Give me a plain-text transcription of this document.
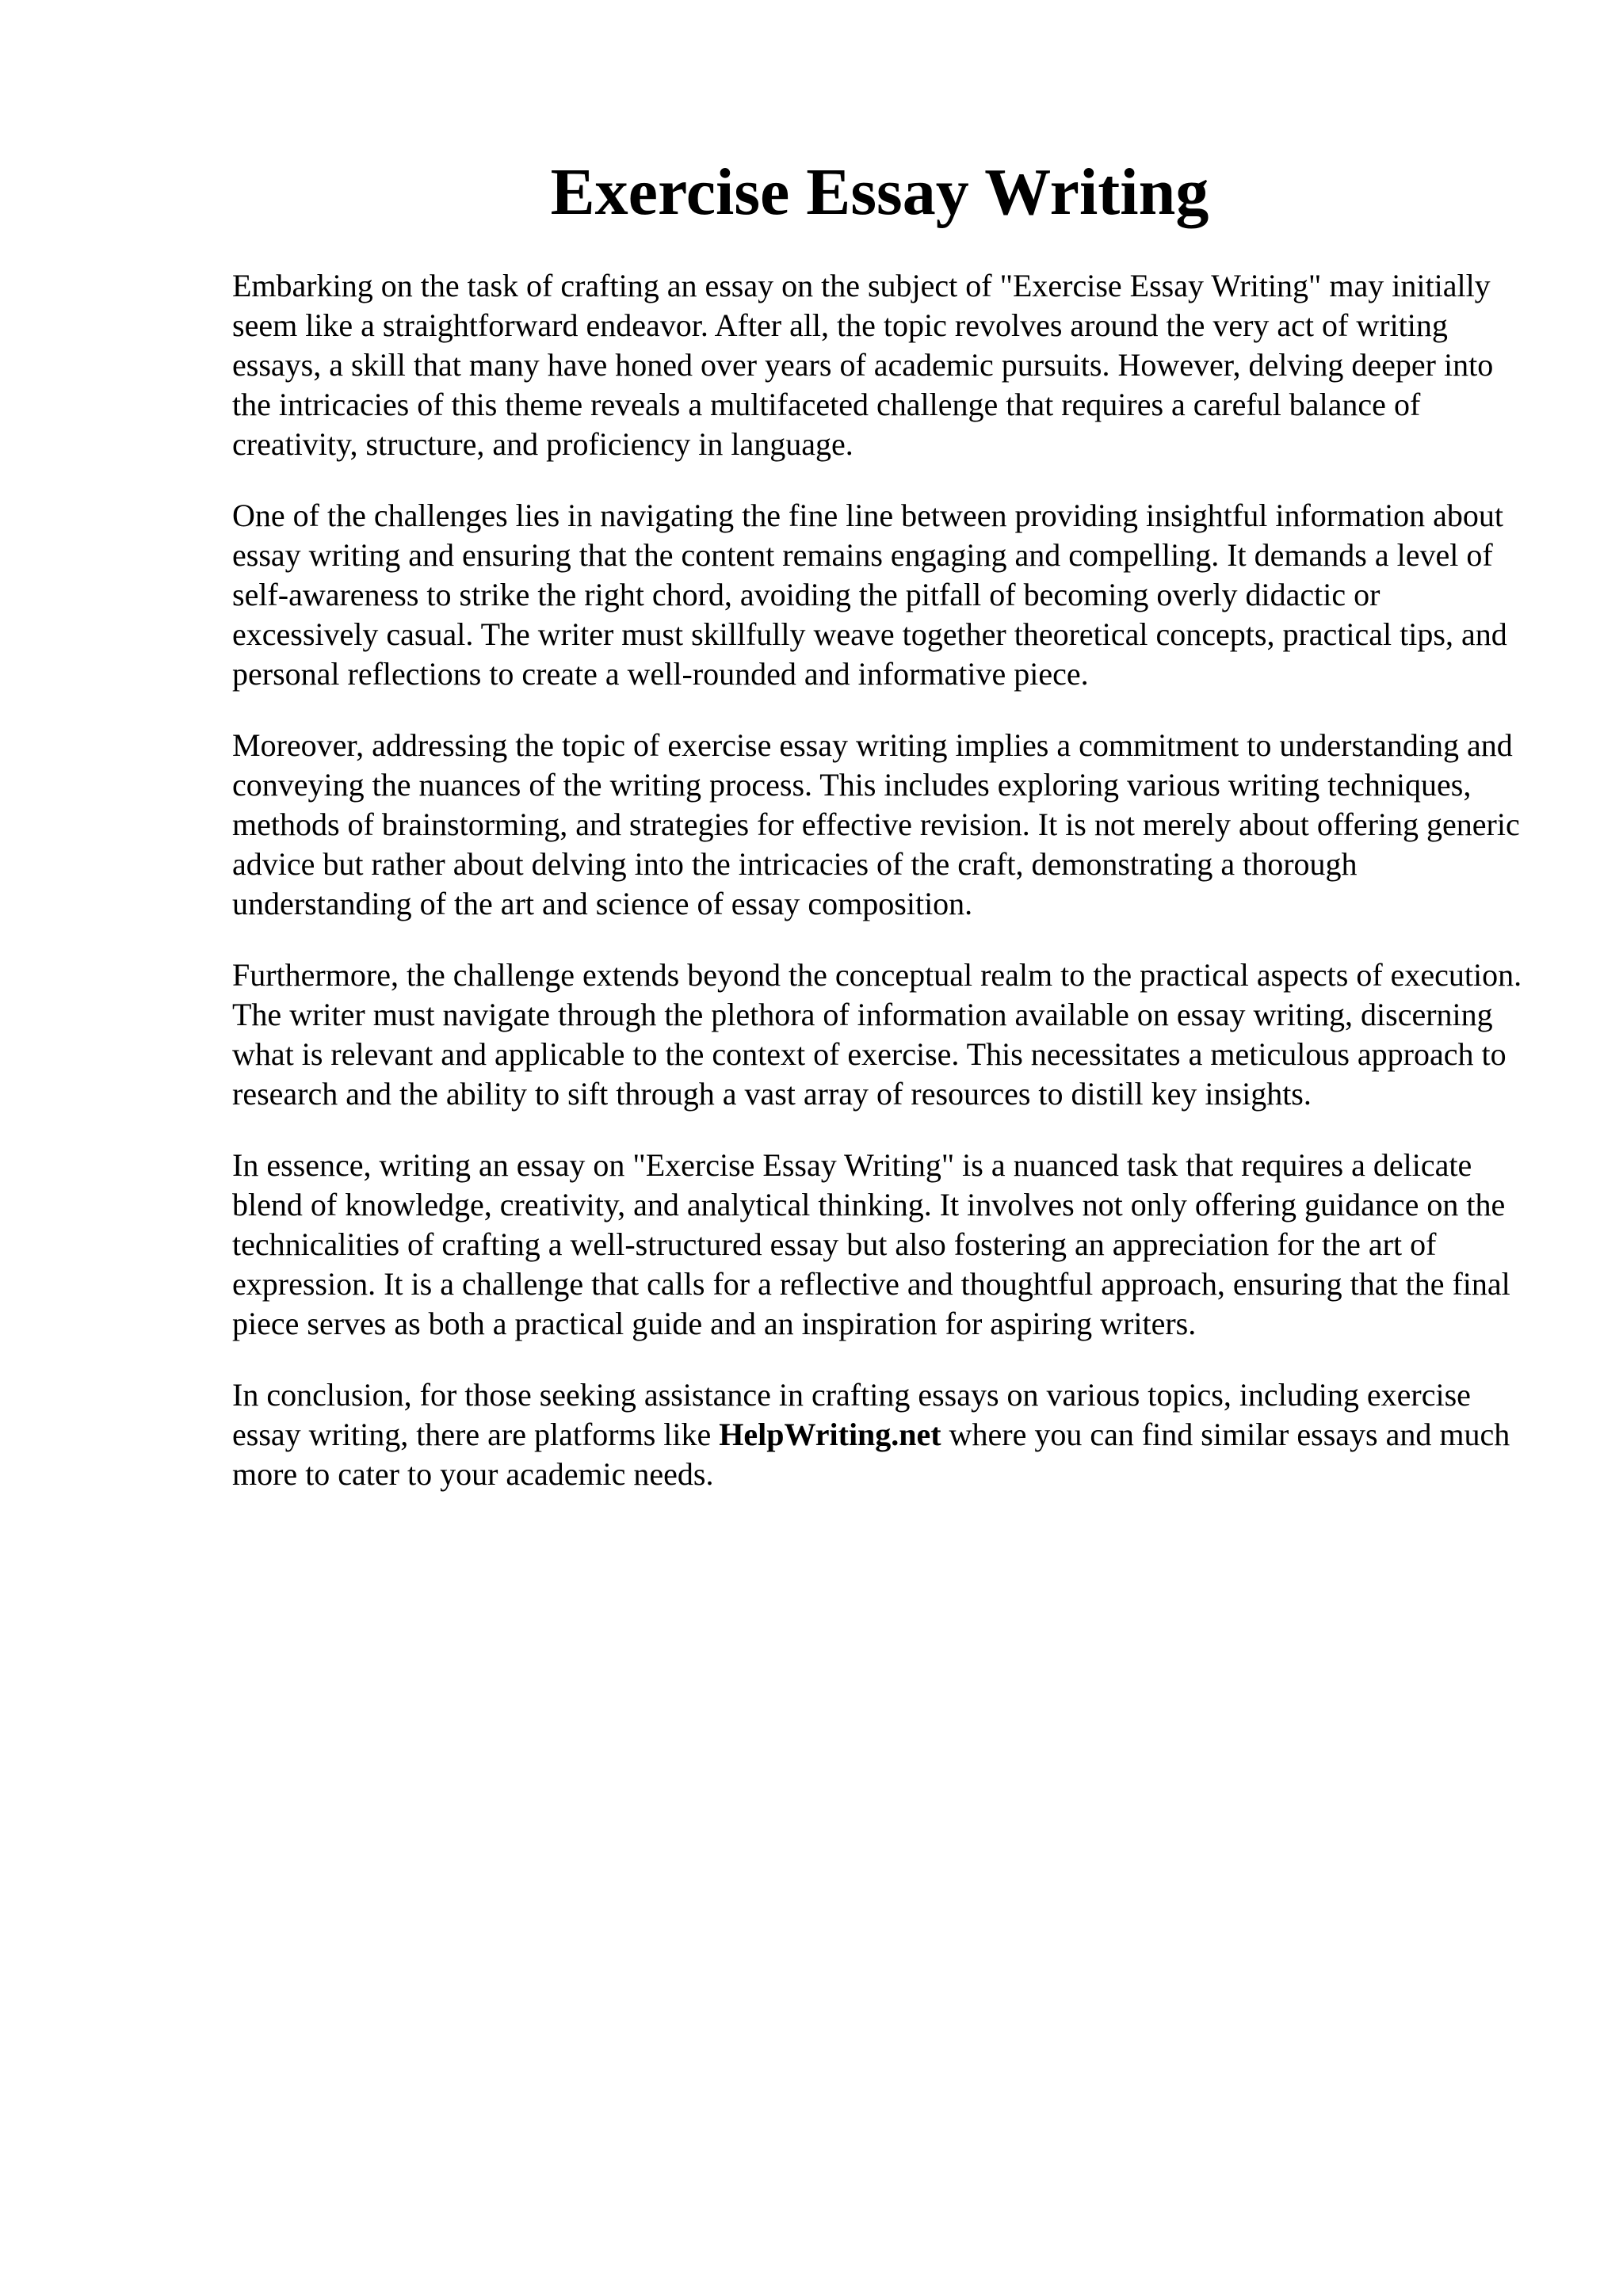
Exercise Essay Writing

Embarking on the task of crafting an essay on the subject of "Exercise Essay Writing" may initially seem like a straightforward endeavor. After all, the topic revolves around the very act of writing essays, a skill that many have honed over years of academic pursuits. However, delving deeper into the intricacies of this theme reveals a multifaceted challenge that requires a careful balance of creativity, structure, and proficiency in language.

One of the challenges lies in navigating the fine line between providing insightful information about essay writing and ensuring that the content remains engaging and compelling. It demands a level of self-awareness to strike the right chord, avoiding the pitfall of becoming overly didactic or excessively casual. The writer must skillfully weave together theoretical concepts, practical tips, and personal reflections to create a well-rounded and informative piece.

Moreover, addressing the topic of exercise essay writing implies a commitment to understanding and conveying the nuances of the writing process. This includes exploring various writing techniques, methods of brainstorming, and strategies for effective revision. It is not merely about offering generic advice but rather about delving into the intricacies of the craft, demonstrating a thorough understanding of the art and science of essay composition.

Furthermore, the challenge extends beyond the conceptual realm to the practical aspects of execution. The writer must navigate through the plethora of information available on essay writing, discerning what is relevant and applicable to the context of exercise. This necessitates a meticulous approach to research and the ability to sift through a vast array of resources to distill key insights.

In essence, writing an essay on "Exercise Essay Writing" is a nuanced task that requires a delicate blend of knowledge, creativity, and analytical thinking. It involves not only offering guidance on the technicalities of crafting a well-structured essay but also fostering an appreciation for the art of expression. It is a challenge that calls for a reflective and thoughtful approach, ensuring that the final piece serves as both a practical guide and an inspiration for aspiring writers.

In conclusion, for those seeking assistance in crafting essays on various topics, including exercise essay writing, there are platforms like HelpWriting.net where you can find similar essays and much more to cater to your academic needs.
